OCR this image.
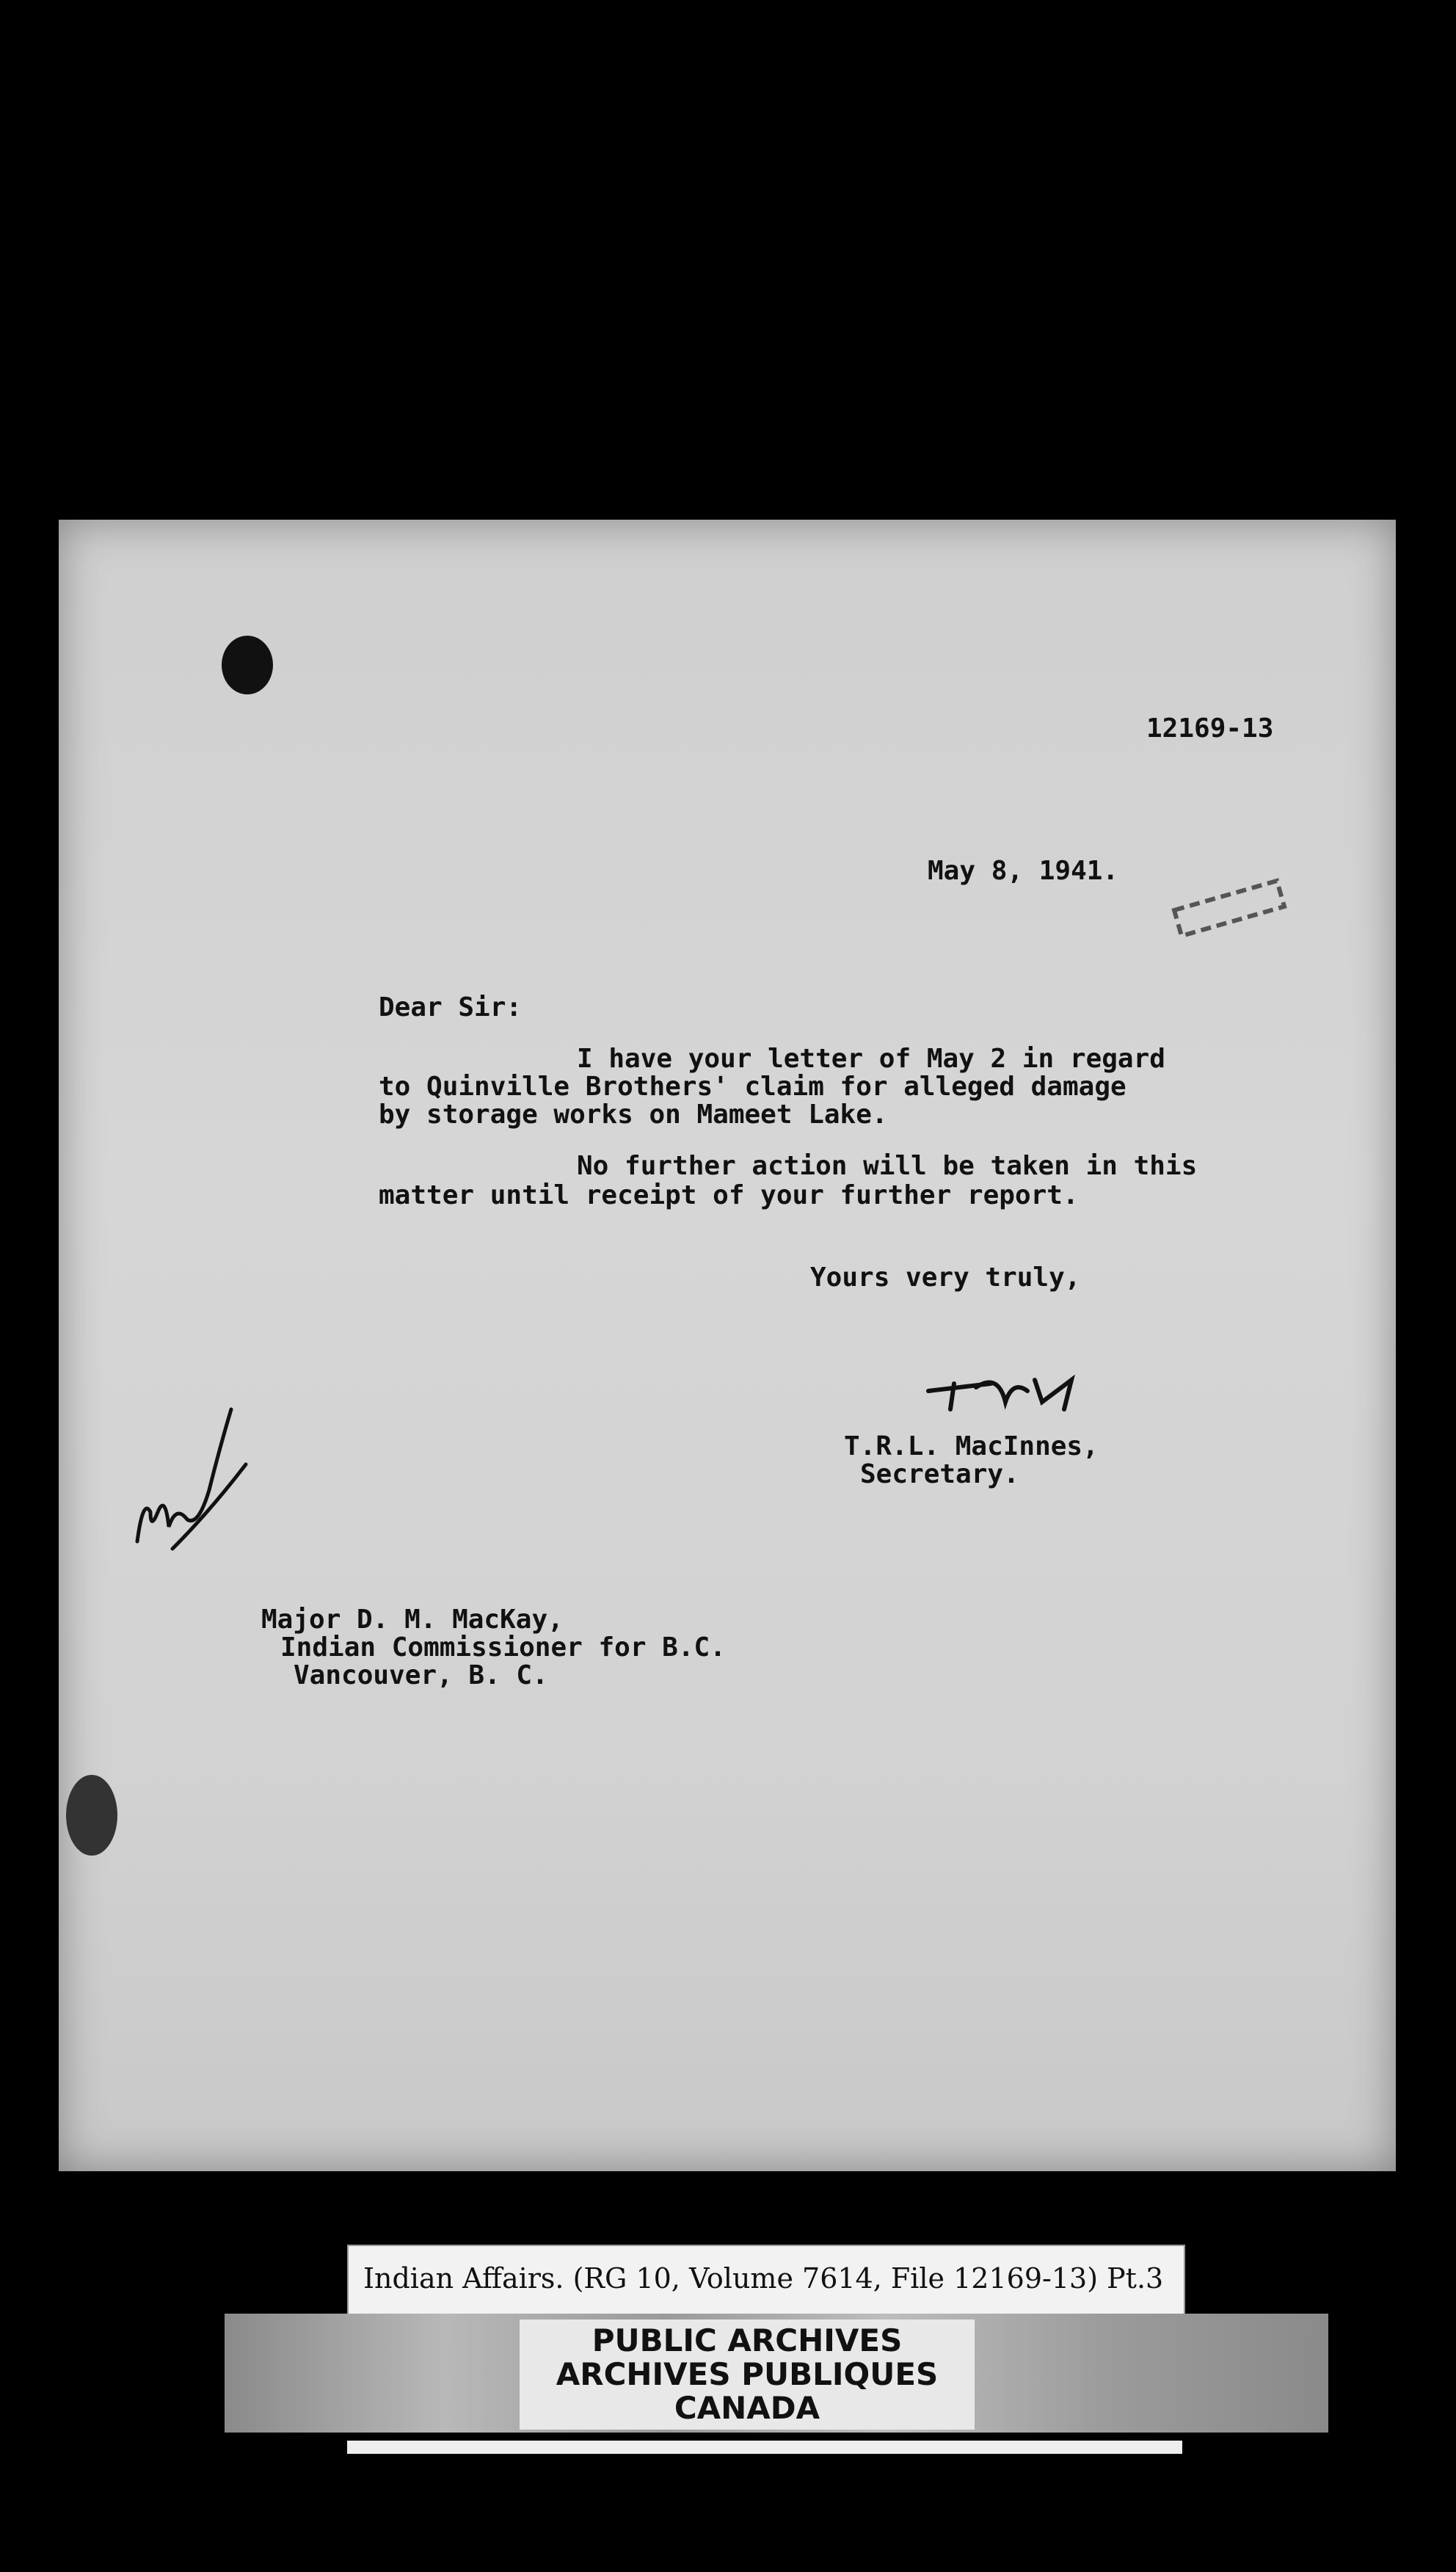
12169-13
May 8, 1941.
Dear Sir:
I have your letter of May 2 in regard
to Quinville Brothers' claim for alleged damage
by storage works on Mameet Lake.
No further action will be taken in this
matter until receipt of your further report.
Yours very truly,
T.R.L. MacInnes,
Secretary.
Major D. M. MacKay,
Indian Commissioner for B.C.
Vancouver, B. C.
Indian Affairs. (RG 10, Volume 7614, File 12169-13) Pt.3
PUBLIC ARCHIVES
ARCHIVES PUBLIQUES
CANADA
